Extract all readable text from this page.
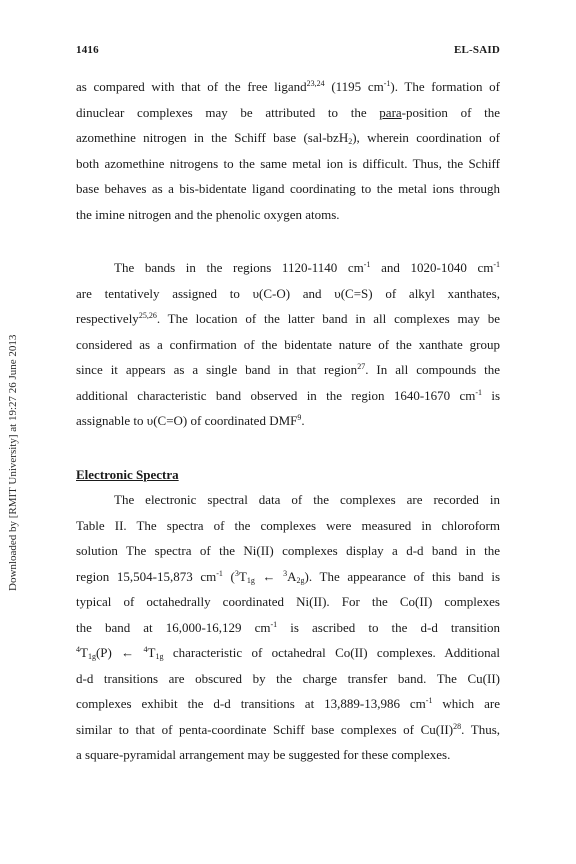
1416	EL-SAID
Downloaded by [RMIT University] at 19:27 26 June 2013

as compared with that of the free ligand$^{23,24}$ (1195 $cm^{-1}$). The formation of
dinuclear complexes may be attributed to the para-position of the
azomethine nitrogen in the Schiff base (sal-bzH$_2$), wherein coordination of
both azomethine nitrogens to the same metal ion is difficult. Thus, the Schiff
base behaves as a bis-bidentate ligand coordinating to the metal ions through
the imine nitrogen and the phenolic oxygen atoms.

The bands in the regions 1120-1140 $cm^{-1}$ and 1020-1040 $cm^{-1}$
are tentatively assigned to υ(C-O) and υ(C=S) of alkyl xanthates,
respectively$^{25,26}$. The location of the latter band in all complexes may be
considered as a confirmation of the bidentate nature of the xanthate group
since it appears as a single band in that region$^{27}$. In all compounds the
additional characteristic band observed in the region 1640-1670 $cm^{-1}$ is
assignable to υ(C=O) of coordinated DMF$^9$.

Electronic Spectra

The electronic spectral data of the complexes are recorded in
Table II. The spectra of the complexes were measured in chloroform
solution The spectra of the Ni(II) complexes display a d-d band in the
region 15,504-15,873 $cm^{-1}$ ($^3T_{1g}$ ← $^3A_{2g}$). The appearance of this band is
typical of octahedrally coordinated Ni(II). For the Co(II) complexes
the band at 16,000-16,129 $cm^{-1}$ is ascribed to the d-d transition
$^4T_{1g}(P)$ ← $^4T_{1g}$ characteristic of octahedral Co(II) complexes. Additional
d-d transitions are obscured by the charge transfer band. The Cu(II)
complexes exhibit the d-d transitions at 13,889-13,986 $cm^{-1}$ which are
similar to that of penta-coordinate Schiff base complexes of Cu(II)$^{28}$. Thus,
a square-pyramidal arrangement may be suggested for these complexes.
